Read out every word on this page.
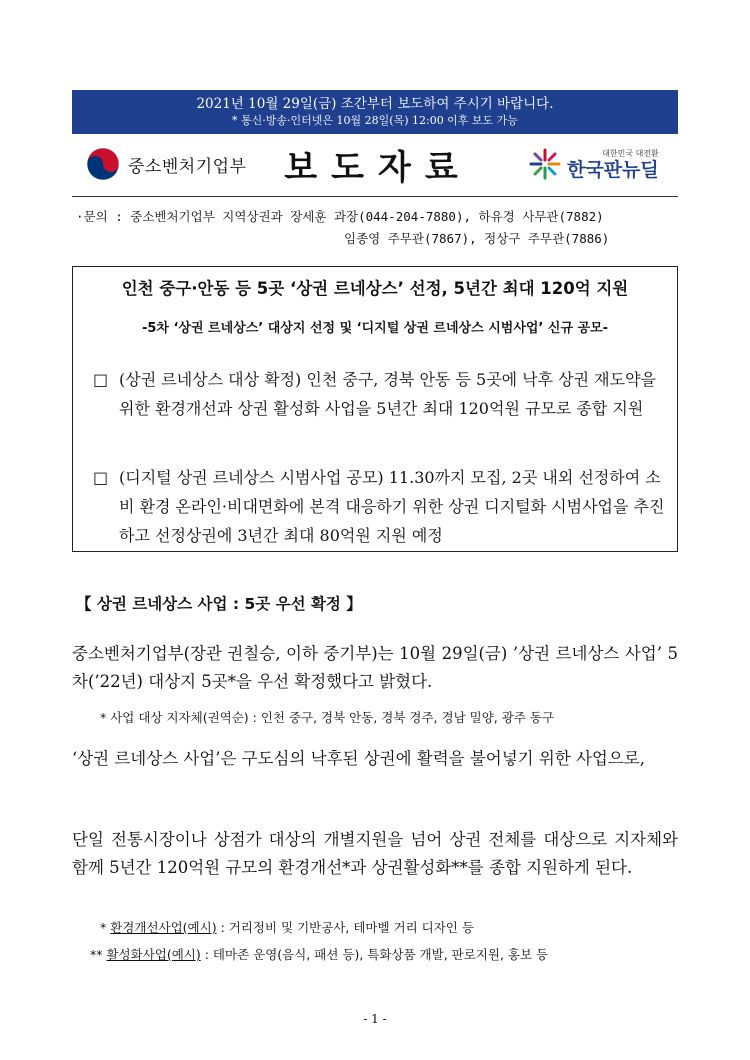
2021년 10월 29일(금) 조간부터 보도하여 주시기 바랍니다.
* 통신·방송·인터넷은 10월 28일(목) 12:00 이후 보도 가능
중소벤처기업부	보도자료	대한민국 대전환
한국판뉴딜
·문의 : 중소벤처기업부 지역상권과 장세훈 과장(044-204-7880), 하유경 사무관(7882)
임종영 주무관(7867), 정상구 주무관(7886)
인천 중구·안동 등 5곳 ‘상권 르네상스’ 선정, 5년간 최대 120억 지원
-5차 ‘상권 르네상스’ 대상지 선정 및 ‘디지털 상권 르네상스 시범사업’ 신규 공모-
□ (상권 르네상스 대상 확정) 인천 중구, 경북 안동 등 5곳에 낙후 상권 재도약을 위한 환경개선과 상권 활성화 사업을 5년간 최대 120억원 규모로 종합 지원
□ (디지털 상권 르네상스 시범사업 공모) 11.30까지 모집, 2곳 내외 선정하여 소비 환경 온라인·비대면화에 본격 대응하기 위한 상권 디지털화 시범사업을 추진하고 선정상권에 3년간 최대 80억원 지원 예정
【 상권 르네상스 사업 : 5곳 우선 확정 】
중소벤처기업부(장관 권칠승, 이하 중기부)는 10월 29일(금) ’상권 르네상스 사업’ 5차(’22년) 대상지 5곳*을 우선 확정했다고 밝혔다.
* 사업 대상 지자체(권역순) : 인천 중구, 경북 안동, 경북 경주, 경남 밀양, 광주 동구
‘상권 르네상스 사업’은 구도심의 낙후된 상권에 활력을 불어넣기 위한 사업으로,
단일 전통시장이나 상점가 대상의 개별지원을 넘어 상권 전체를 대상으로 지자체와 함께 5년간 120억원 규모의 환경개선*과 상권활성화**를 종합 지원하게 된다.
* 환경개선사업(예시) : 거리정비 및 기반공사, 테마벨 거리 디자인 등
** 활성화사업(예시) : 테마존 운영(음식, 패션 등), 특화상품 개발, 판로지원, 홍보 등
- 1 -
